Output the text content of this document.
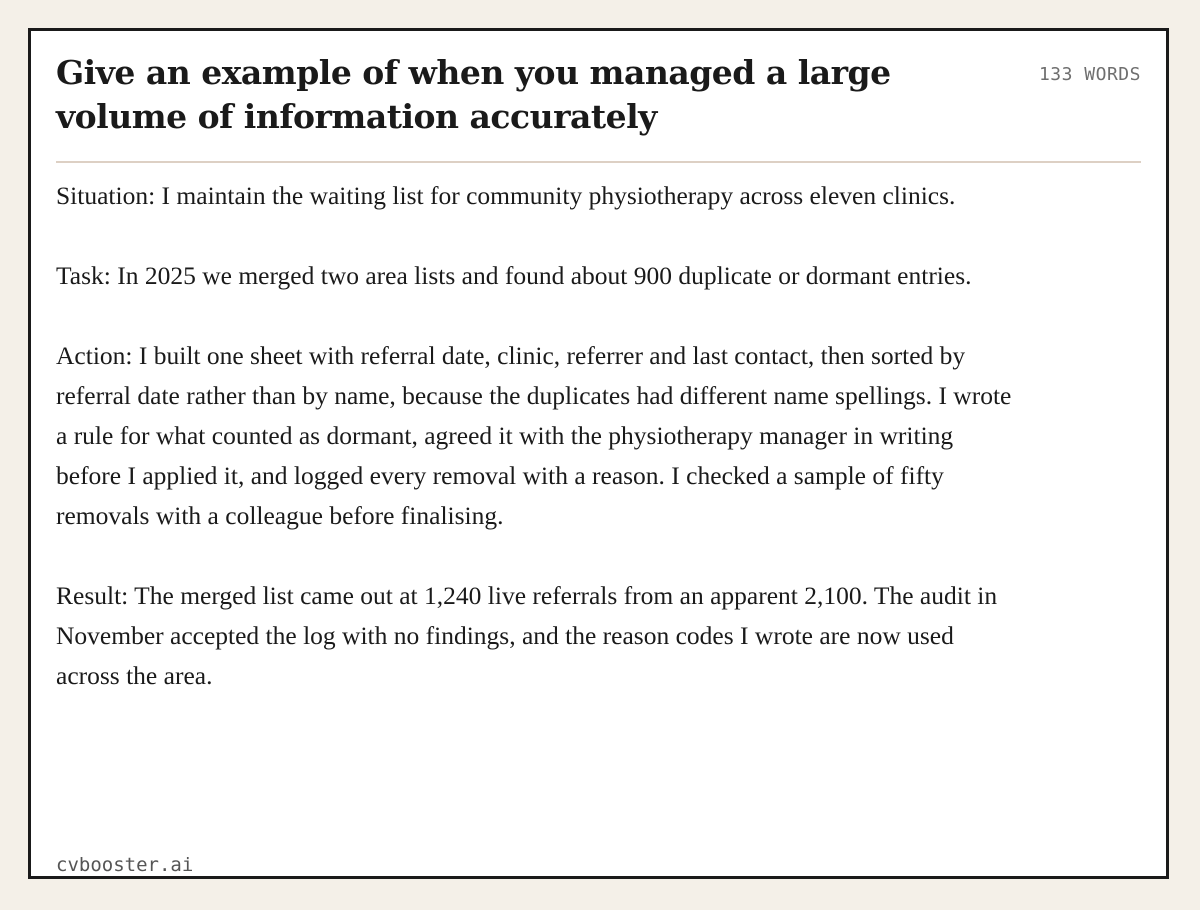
Give an example of when you managed a large volume of information accurately
133 WORDS

Situation: I maintain the waiting list for community physiotherapy across eleven clinics.

Task: In 2025 we merged two area lists and found about 900 duplicate or dormant entries.

Action: I built one sheet with referral date, clinic, referrer and last contact, then sorted by referral date rather than by name, because the duplicates had different name spellings. I wrote a rule for what counted as dormant, agreed it with the physiotherapy manager in writing before I applied it, and logged every removal with a reason. I checked a sample of fifty removals with a colleague before finalising.

Result: The merged list came out at 1,240 live referrals from an apparent 2,100. The audit in November accepted the log with no findings, and the reason codes I wrote are now used across the area.

cvbooster.ai
